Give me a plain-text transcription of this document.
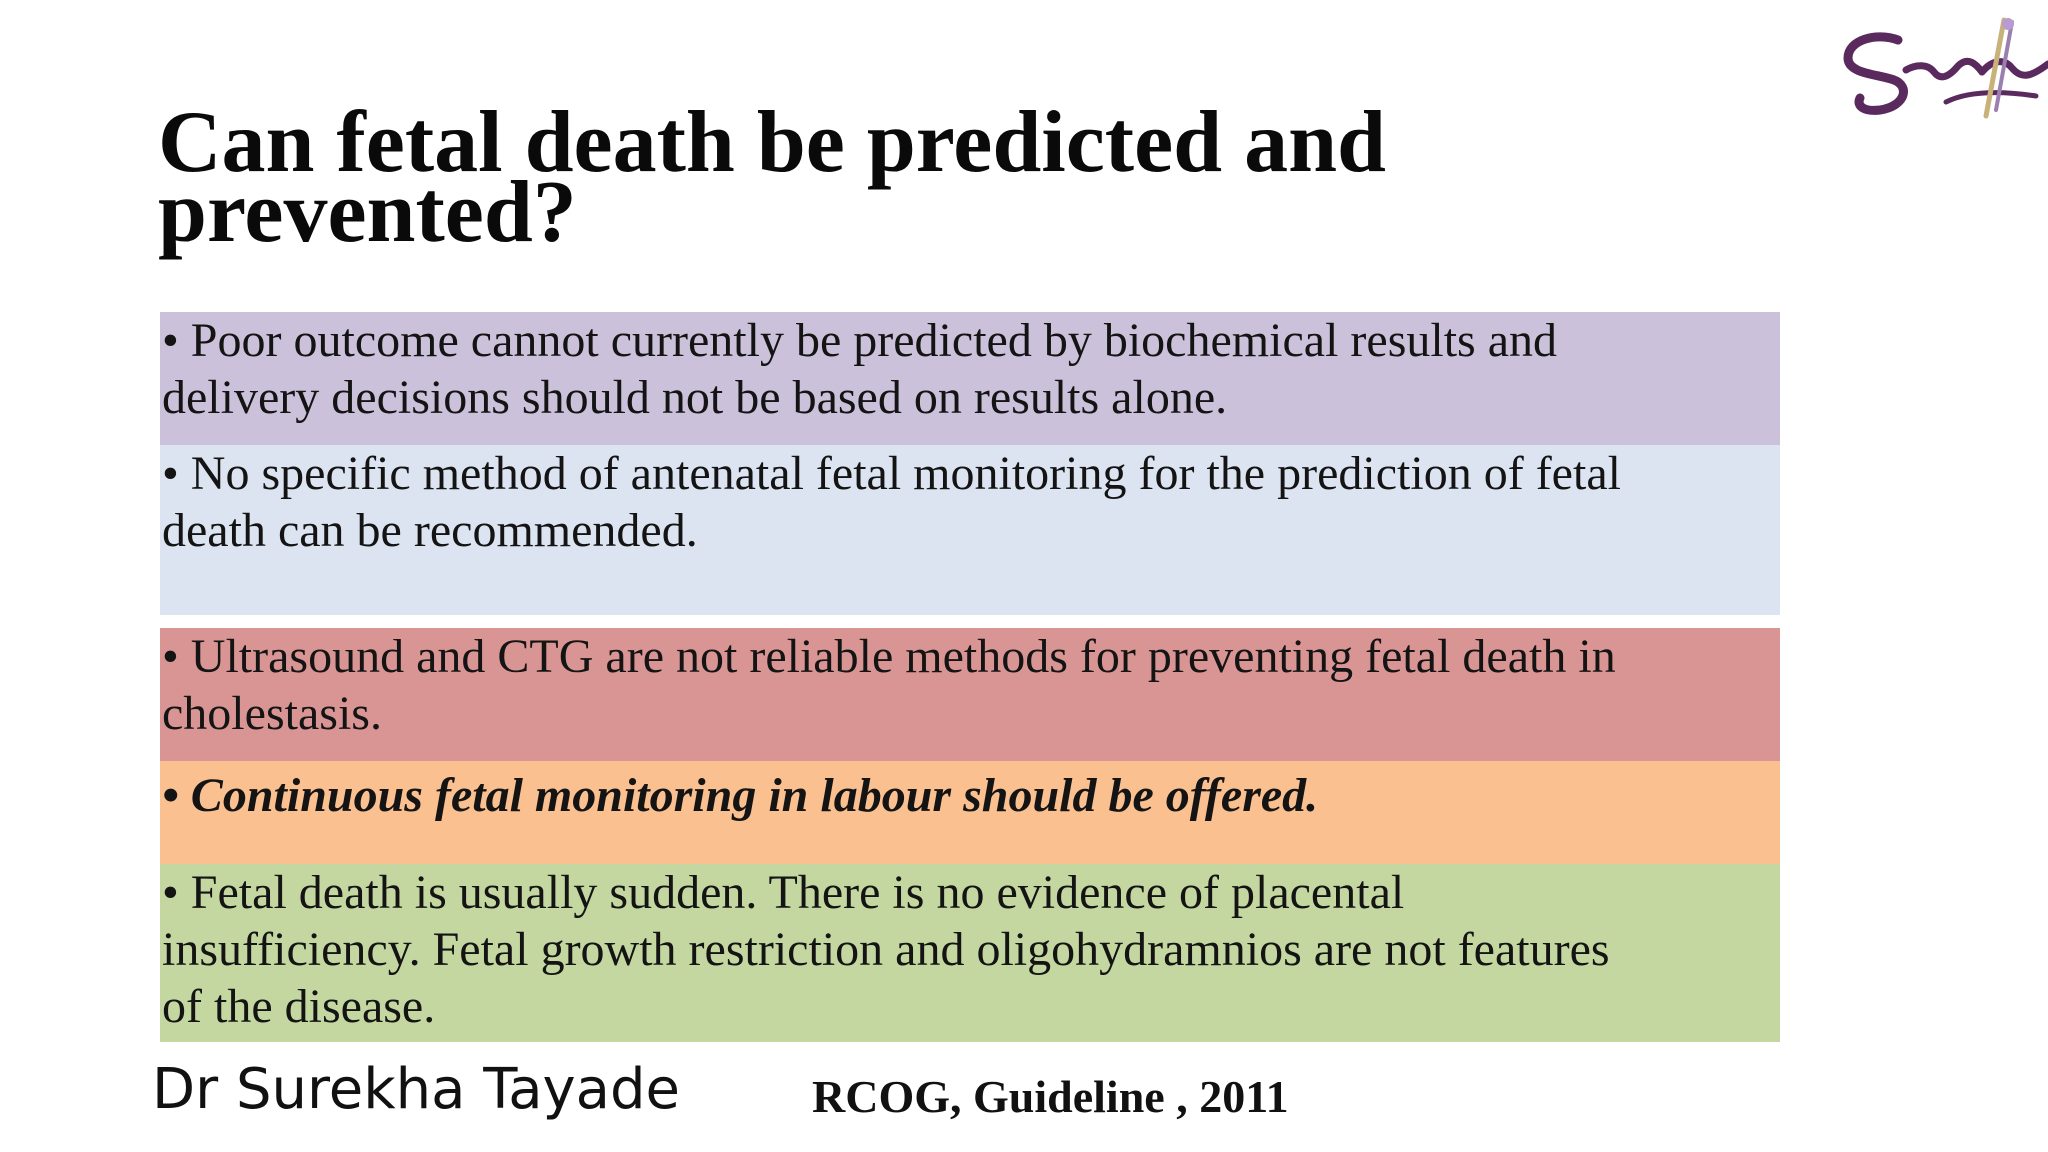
Can fetal death be predicted and prevented?
• Poor outcome cannot currently be predicted by biochemical results and delivery decisions should not be based on results alone.
• No specific method of antenatal fetal monitoring for the prediction of fetal death can be recommended.
• Ultrasound and CTG are not reliable methods for preventing fetal death in cholestasis.
• Continuous fetal monitoring in labour should be offered.
• Fetal death is usually sudden. There is no evidence of placental insufficiency. Fetal growth restriction and oligohydramnios are not features of the disease.
Dr Surekha Tayade	RCOG, Guideline , 2011
